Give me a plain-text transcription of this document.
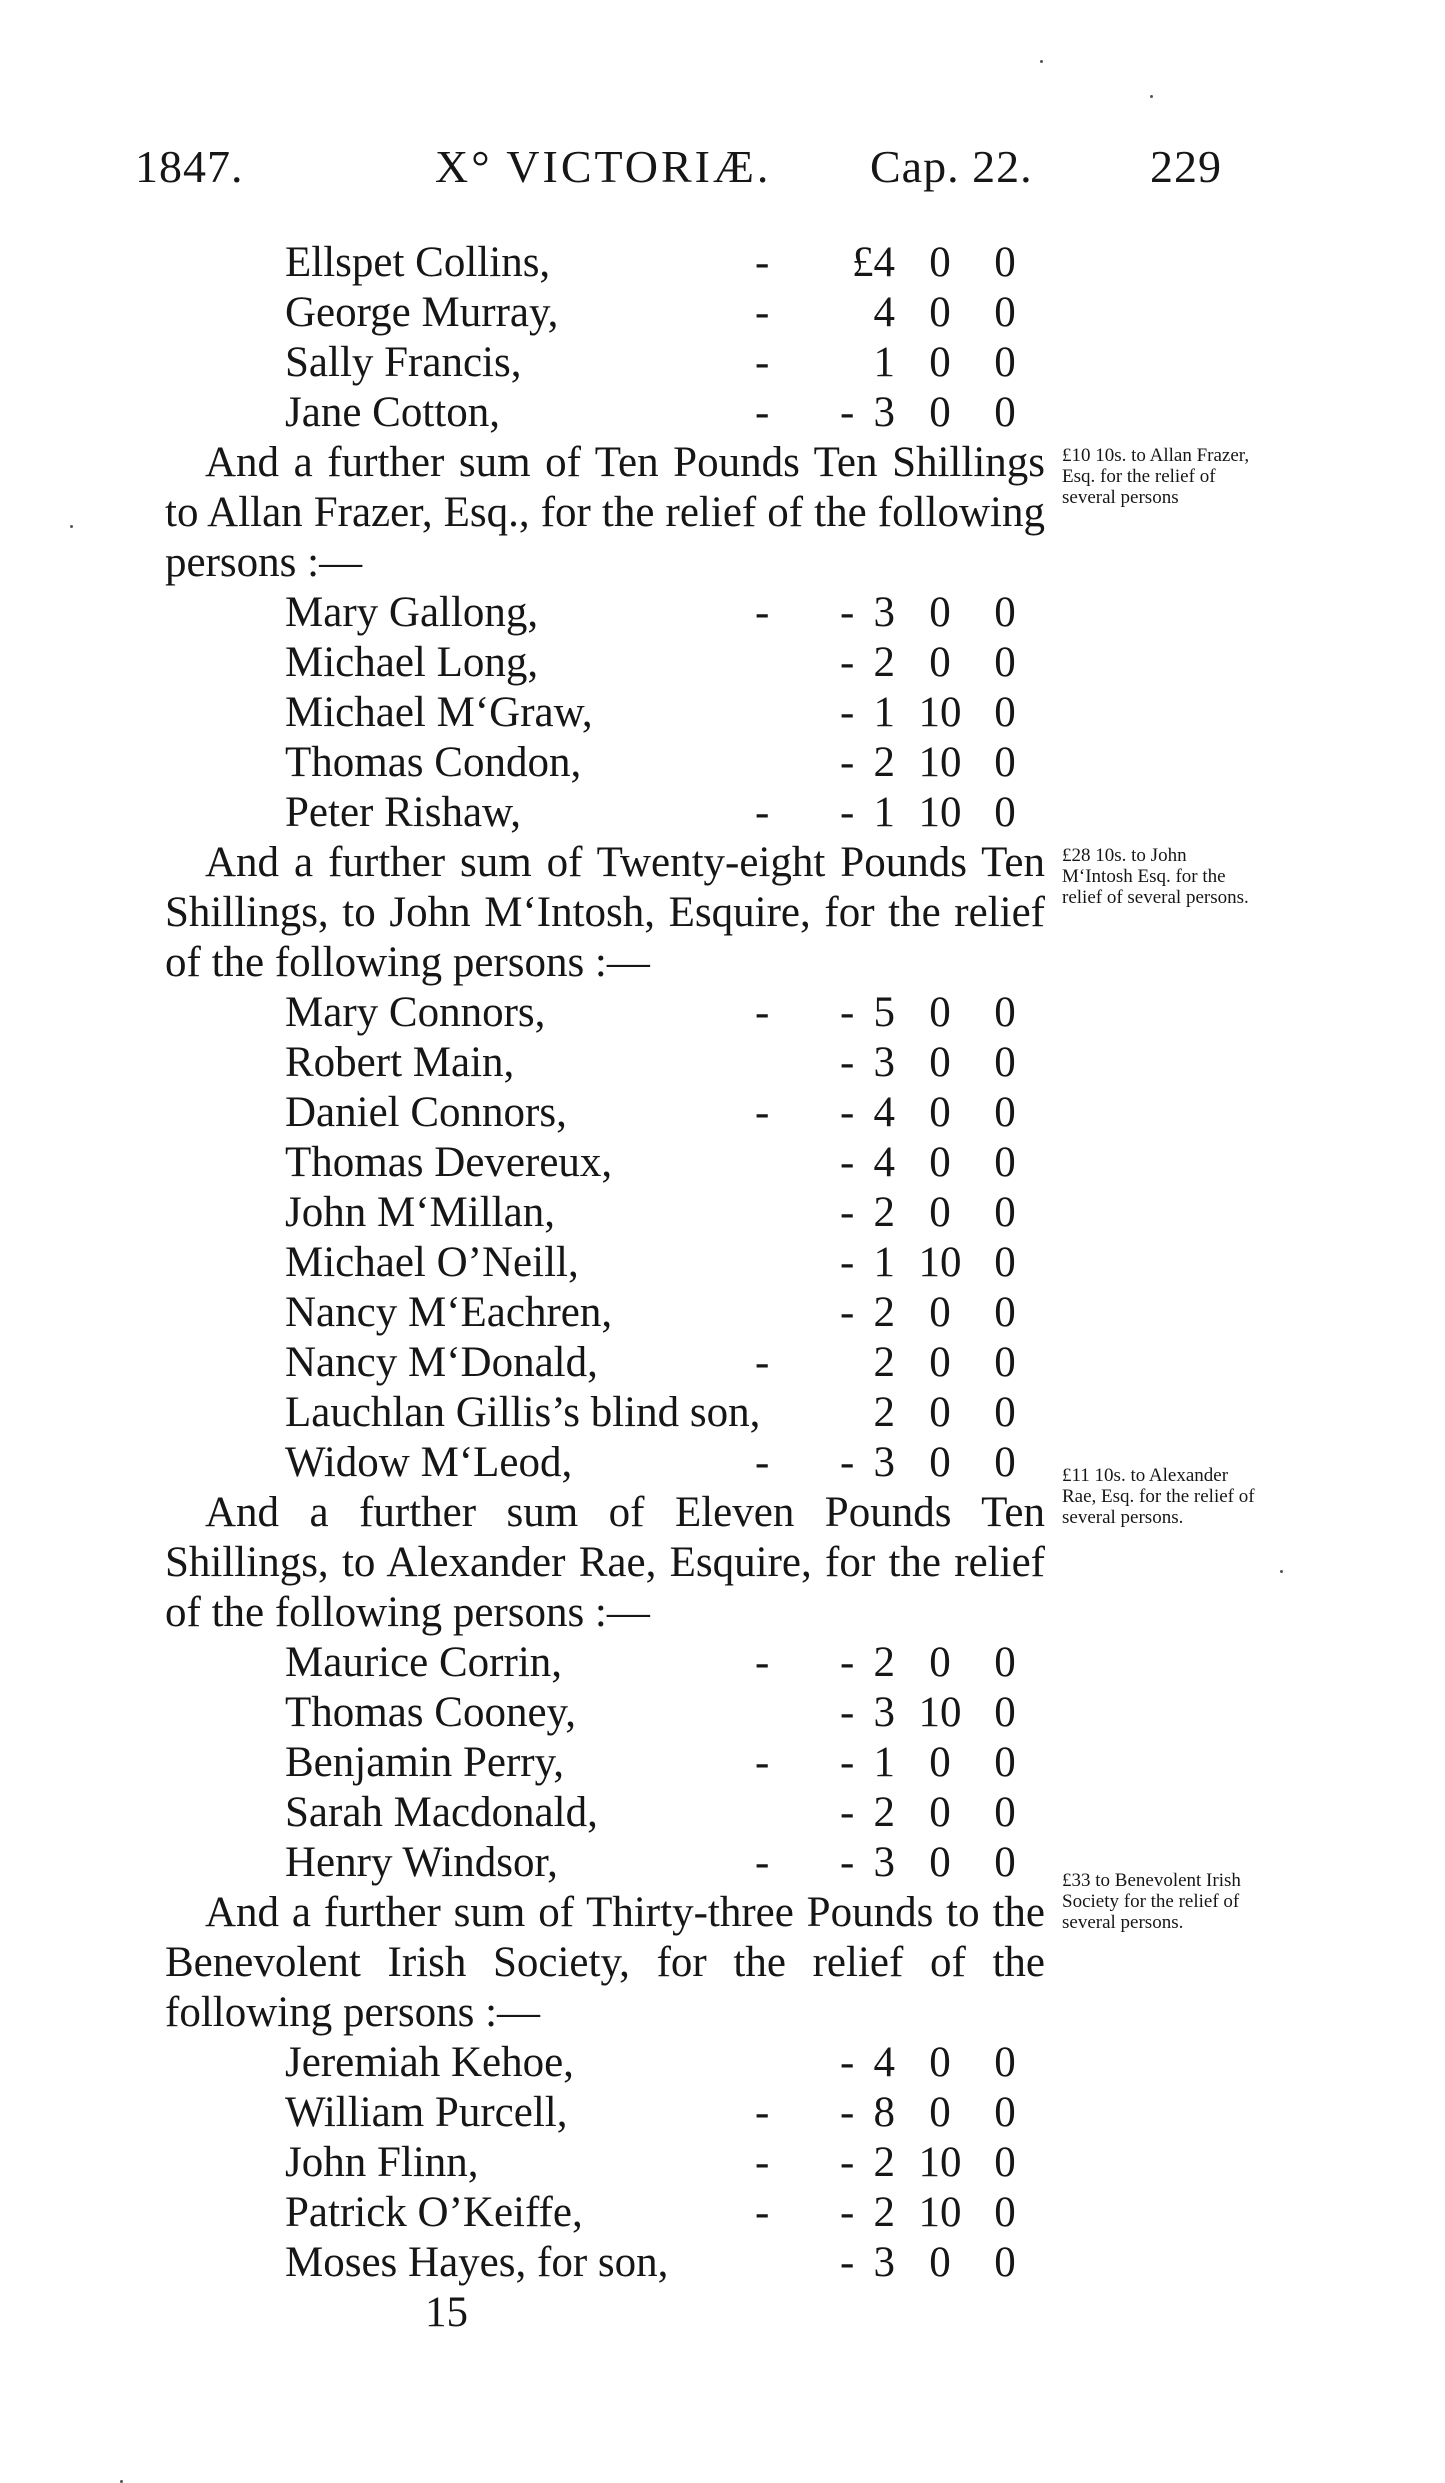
1847.	X° VICTORIÆ. Cap. 22.	229
Ellspet Collins,	- £4 0	0
George Murray,	- 4 0	0
Sally Francis,	- 1 0	0
Jane Cotton,	- - 3 0	0

And a further sum of Ten Pounds Ten Shillings to Allan Frazer, Esq., for the relief of the following persons :—

Mary Gallong,	- - 3 0	0
Michael Long,	- 2 0	0
Michael M‘Graw,	- 1 10 0
Thomas Condon,	- 2 10 0
Peter Rishaw,	- - 1 10 0

And a further sum of Twenty-eight Pounds Ten Shillings, to John M‘Intosh, Esquire, for the relief of the following persons :—

Mary Connors,	- - 5 0	0
Robert Main,	- 3 0	0
Daniel Connors,	- - 4 0	0
Thomas Devereux,	- 4 0	0
John M‘Millan,	- 2 0	0
Michael O’Neill,	- 1 10 0
Nancy M‘Eachren,	- 2 0	0
Nancy M‘Donald,	- 2 0	0
Lauchlan Gillis’s blind son,	2 0	0
Widow M‘Leod,	- - 3 0	0

And a further sum of Eleven Pounds Ten Shillings, to Alexander Rae, Esquire, for the relief of the following persons :—

Maurice Corrin,	- - 2 0	0
Thomas Cooney,	- 3 10 0
Benjamin Perry,	- - 1 0	0
Sarah Macdonald,	- 2 0	0
Henry Windsor,	- - 3 0	0

And a further sum of Thirty-three Pounds to the Benevolent Irish Society, for the relief of the following persons :—

Jeremiah Kehoe,	- 4 0	0
William Purcell,	- - 8 0	0
John Flinn,	- - 2 10 0
Patrick O’Keiffe,	- - 2 10 0
Moses Hayes, for son,	- 3 0	0
15
£10 10s. to Allan Frazer, Esq. for the relief of several persons
£28 10s. to John M‘Intosh Esq. for the relief of several persons.
£11 10s. to Alexander Rae, Esq. for the relief of several persons.
£33 to Benevolent Irish Society for the relief of several persons.
